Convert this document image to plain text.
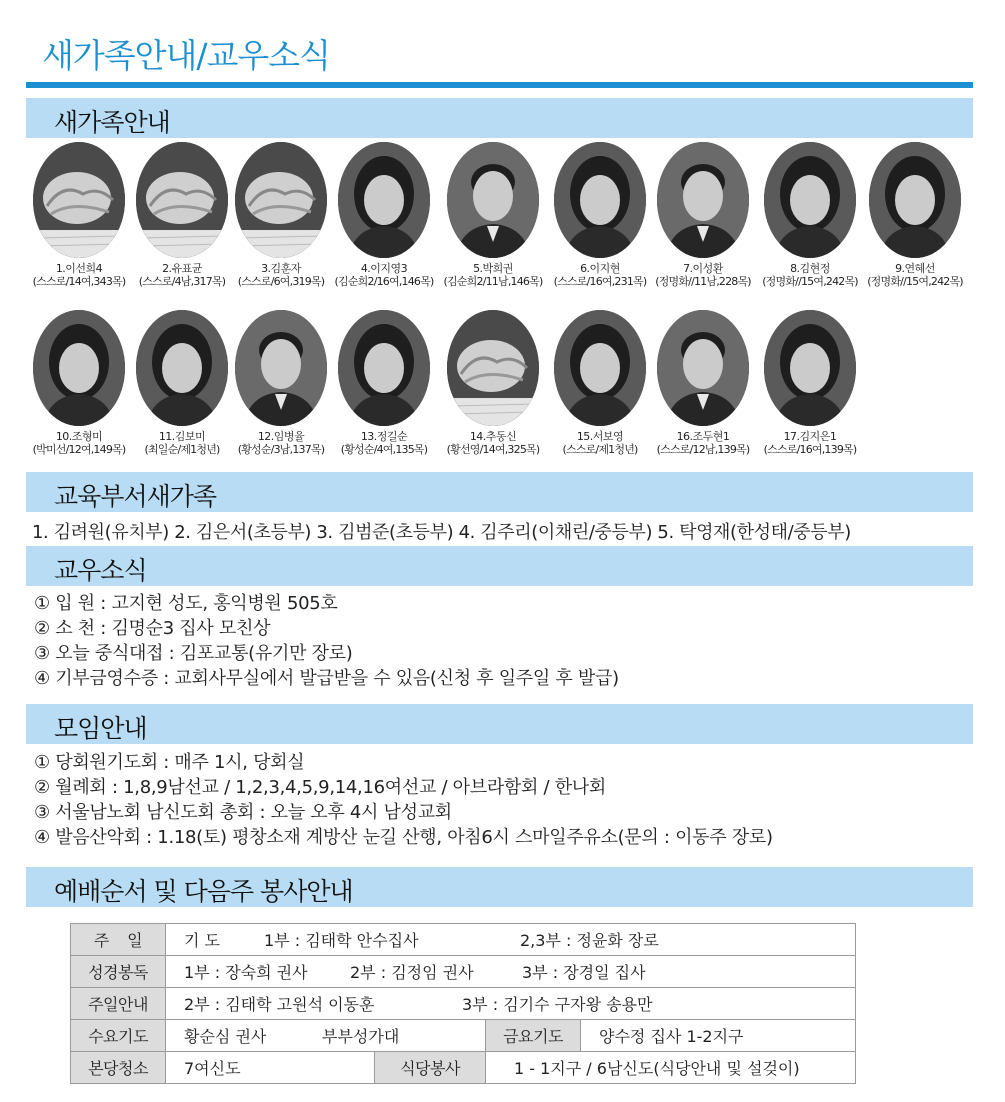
새가족안내/교우소식
새가족안내
교육부서새가족
교우소식
모임안내
예배순서 및 다음주 봉사안내
1.이선희4
(스스로/14여,343목)
2.유표균
(스스로/4남,317목)
3.김훈자
(스스로/6여,319목)
4.이지영3
(김순희2/16여,146목)
5.박희권
(김순희2/11남,146목)
6.이지현
(스스로/16여,231목)
7.이성환
(정명화//11남,228목)
8.김현정
(정명화//15여,242목)
9.연혜선
(정명화//15여,242목)
10.조형미
(박미선/12여,149목)
11.김보미
(최일순/제1청년)
12.임병율
(황성순/3남,137목)
13.정길순
(황성순/4여,135목)
14.추동신
(황선영/14여,325목)
15.서보영
(스스로/제1청년)
16.조두현1
(스스로/12남,139목)
17.김지은1
(스스로/16여,139목)
1. 김려원(유치부) 2. 김은서(초등부) 3. 김범준(초등부) 4. 김주리(이채린/중등부) 5. 탁영재(한성태/중등부)
① 입 원 : 고지현 성도, 홍익병원 505호
② 소 천 : 김명순3 집사 모친상
③ 오늘 중식대접 : 김포교통(유기만 장로)
④ 기부금영수증 : 교회사무실에서 발급받을 수 있음(신청 후 일주일 후 발급)
① 당회원기도회 : 매주 1시, 당회실
② 월례회 : 1,8,9남선교 / 1,2,3,4,5,9,14,16여선교 / 아브라함회 / 한나회
③ 서울남노회 남신도회 총회 : 오늘 오후 4시 남성교회
④ 발음산악회 : 1.18(토) 평창소재 계방산 눈길 산행, 아침6시 스마일주유소(문의 : 이동주 장로)
주    일	기 도 1부 : 김태학 안수집사 2,3부 : 정윤화 장로			
성경봉독	1부 : 장숙희 권사 2부 : 김정임 권사 3부 : 장경일 집사			
주일안내	2부 : 김태학 고원석 이동훈 3부 : 김기수 구자왕 송용만			
수요기도	황순심 권사 부부성가대		금요기도	양수정 집사 1-2지구
본당청소	7여신도	식당봉사	1 - 1지구 / 6남신도(식당안내 및 설겆이)	
